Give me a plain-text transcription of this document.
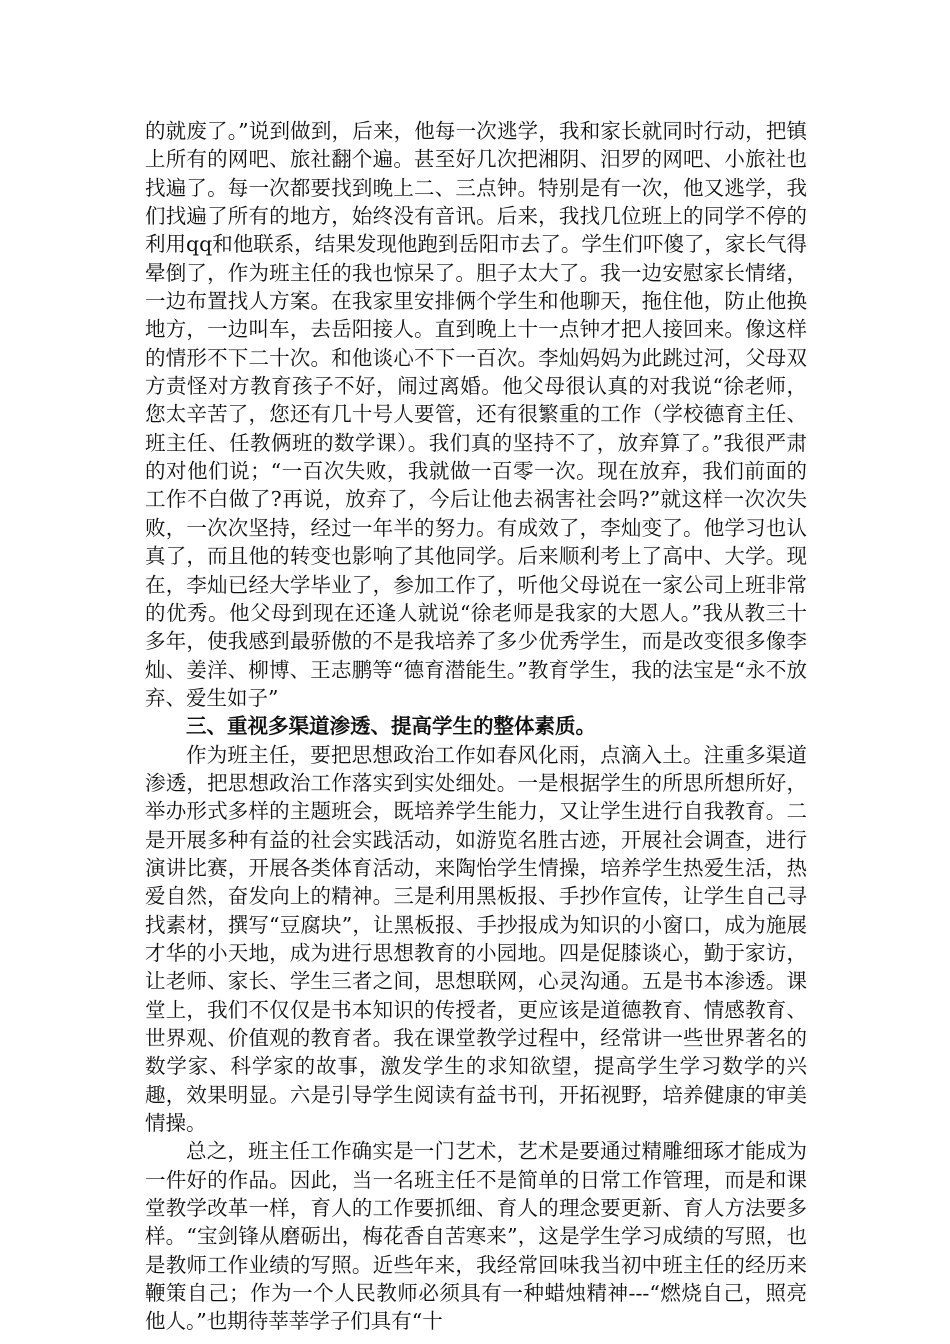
的就废了。”说到做到，后来，他每一次逃学，我和家长就同时行动，把镇上所有的网吧、旅社翻个遍。甚至好几次把湘阴、汨罗的网吧、小旅社也找遍了。每一次都要找到晚上二、三点钟。特别是有一次，他又逃学，我们找遍了所有的地方，始终没有音讯。后来，我找几位班上的同学不停的利用qq和他联系，结果发现他跑到岳阳市去了。学生们吓傻了，家长气得晕倒了，作为班主任的我也惊呆了。胆子太大了。我一边安慰家长情绪，一边布置找人方案。在我家里安排俩个学生和他聊天，拖住他，防止他换地方，一边叫车，去岳阳接人。直到晚上十一点钟才把人接回来。像这样的情形不下二十次。和他谈心不下一百次。李灿妈妈为此跳过河，父母双方责怪对方教育孩子不好，闹过离婚。他父母很认真的对我说“徐老师，您太辛苦了，您还有几十号人要管，还有很繁重的工作（学校德育主任、班主任、任教俩班的数学课）。我们真的坚持不了，放弃算了。”我很严肃的对他们说；“一百次失败，我就做一百零一次。现在放弃，我们前面的工作不白做了?再说，放弃了，今后让他去祸害社会吗?”就这样一次次失败，一次次坚持，经过一年半的努力。有成效了，李灿变了。他学习也认真了，而且他的转变也影响了其他同学。后来顺利考上了高中、大学。现在，李灿已经大学毕业了，参加工作了，听他父母说在一家公司上班非常的优秀。他父母到现在还逢人就说“徐老师是我家的大恩人。”我从教三十多年，使我感到最骄傲的不是我培养了多少优秀学生，而是改变很多像李灿、姜洋、柳博、王志鹏等“德育潜能生。”教育学生，我的法宝是“永不放弃、爱生如子”

三、重视多渠道渗透、提高学生的整体素质。

作为班主任，要把思想政治工作如春风化雨，点滴入土。注重多渠道渗透，把思想政治工作落实到实处细处。一是根据学生的所思所想所好，举办形式多样的主题班会，既培养学生能力，又让学生进行自我教育。二是开展多种有益的社会实践活动，如游览名胜古迹，开展社会调查，进行演讲比赛，开展各类体育活动，来陶怡学生情操，培养学生热爱生活，热爱自然，奋发向上的精神。三是利用黑板报、手抄作宣传，让学生自己寻找素材，撰写“豆腐块”，让黑板报、手抄报成为知识的小窗口，成为施展才华的小天地，成为进行思想教育的小园地。四是促膝谈心，勤于家访，让老师、家长、学生三者之间，思想联网，心灵沟通。五是书本渗透。课堂上，我们不仅仅是书本知识的传授者，更应该是道德教育、情感教育、世界观、价值观的教育者。我在课堂教学过程中，经常讲一些世界著名的数学家、科学家的故事，激发学生的求知欲望，提高学生学习数学的兴趣，效果明显。六是引导学生阅读有益书刊，开拓视野，培养健康的审美情操。

总之，班主任工作确实是一门艺术，艺术是要通过精雕细琢才能成为一件好的作品。因此，当一名班主任不是简单的日常工作管理，而是和课堂教学改革一样，育人的工作要抓细、育人的理念要更新、育人方法要多样。“宝剑锋从磨砺出，梅花香自苦寒来”，这是学生学习成绩的写照，也是教师工作业绩的写照。近些年来，我经常回味我当初中班主任的经历来鞭策自己；作为一个人民教师必须具有一种蜡烛精神---“燃烧自己，照亮他人。”也期待莘莘学子们具有“十
